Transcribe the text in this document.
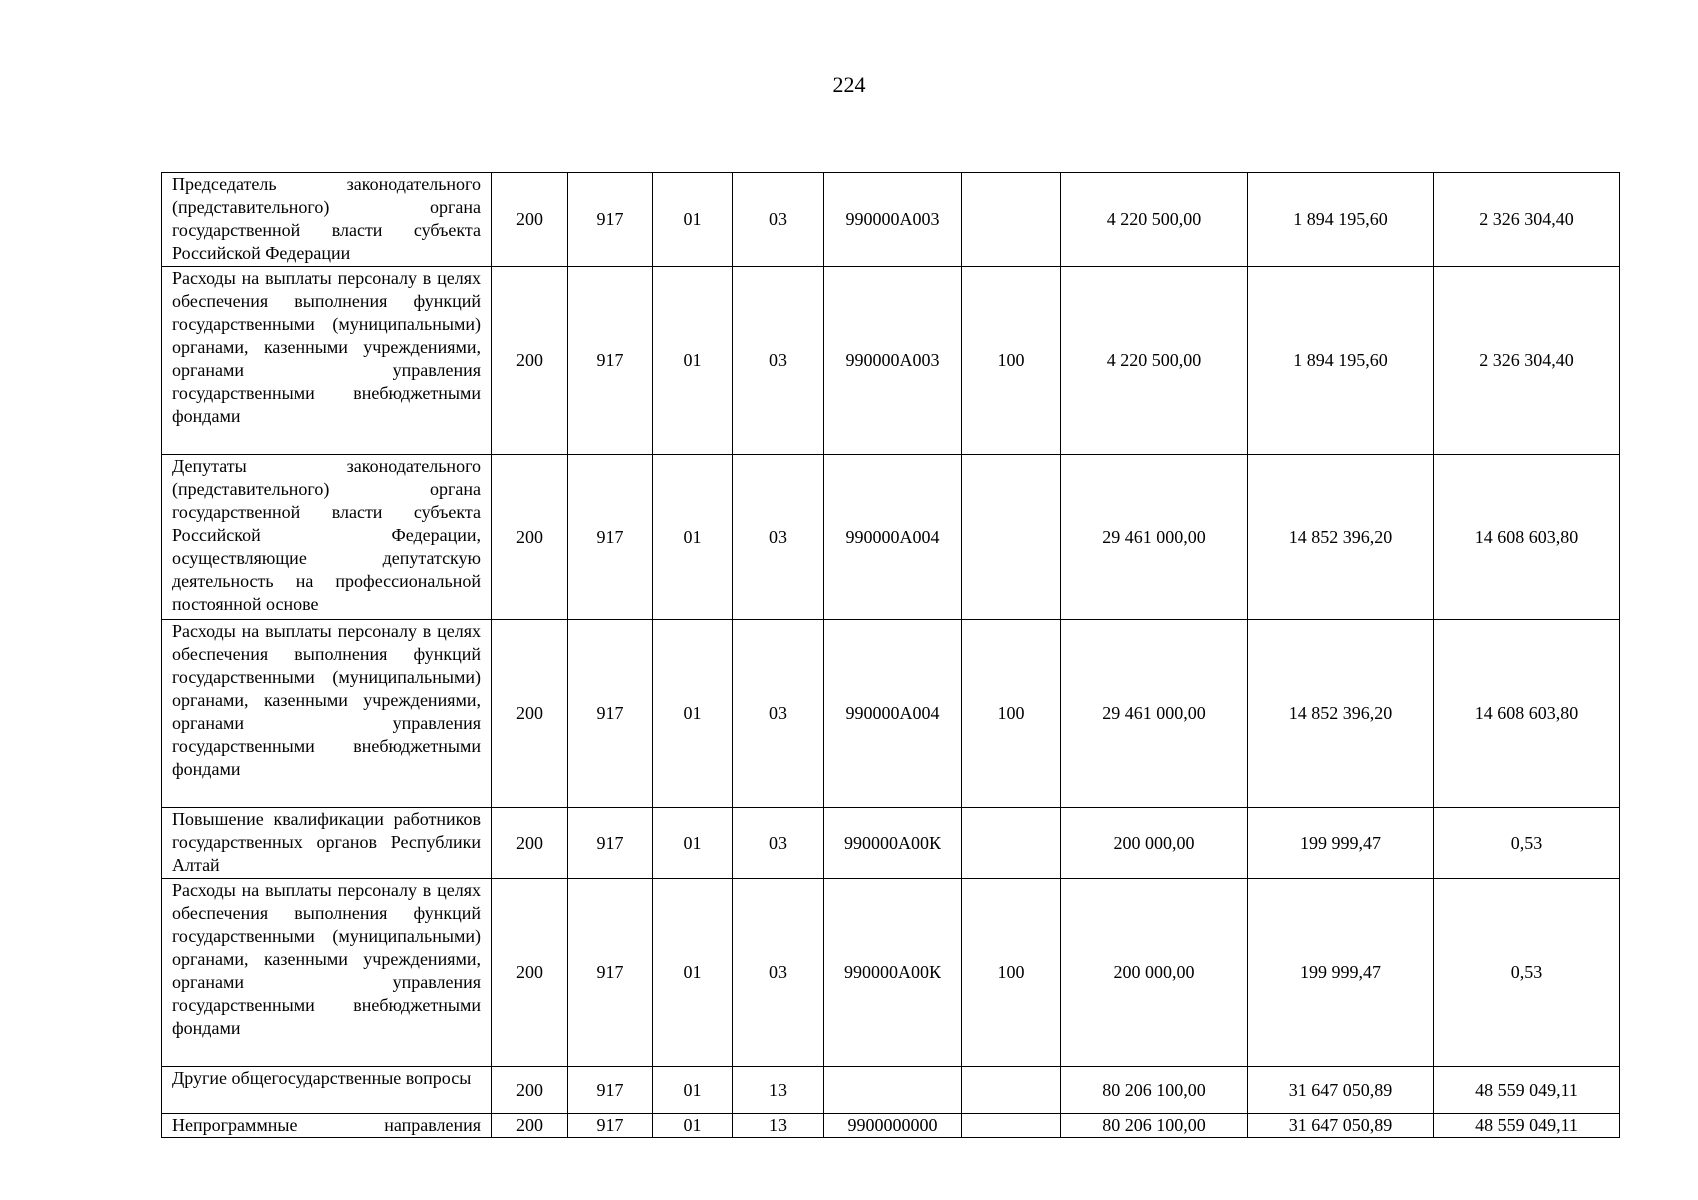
224
Председатель законодательного (представительного) органа государственной власти субъекта Российской Федерации	200	917	01	03	990000А003		4 220 500,00	1 894 195,60	2 326 304,40
Расходы на выплаты персоналу в целях обеспечения выполнения функций государственными (муниципальными) органами, казенными учреждениями, органами управления государственными внебюджетными фондами	200	917	01	03	990000А003	100	4 220 500,00	1 894 195,60	2 326 304,40
Депутаты законодательного (представительного) органа государственной власти субъекта Российской Федерации, осуществляющие депутатскую деятельность на профессиональной постоянной основе	200	917	01	03	990000А004		29 461 000,00	14 852 396,20	14 608 603,80
Расходы на выплаты персоналу в целях обеспечения выполнения функций государственными (муниципальными) органами, казенными учреждениями, органами управления государственными внебюджетными фондами	200	917	01	03	990000А004	100	29 461 000,00	14 852 396,20	14 608 603,80
Повышение квалификации работников государственных органов Республики Алтай	200	917	01	03	990000А00К		200 000,00	199 999,47	0,53
Расходы на выплаты персоналу в целях обеспечения выполнения функций государственными (муниципальными) органами, казенными учреждениями, органами управления государственными внебюджетными фондами	200	917	01	03	990000А00К	100	200 000,00	199 999,47	0,53
Другие общегосударственные вопросы	200	917	01	13			80 206 100,00	31 647 050,89	48 559 049,11
Непрограммные направления	200	917	01	13	9900000000		80 206 100,00	31 647 050,89	48 559 049,11
